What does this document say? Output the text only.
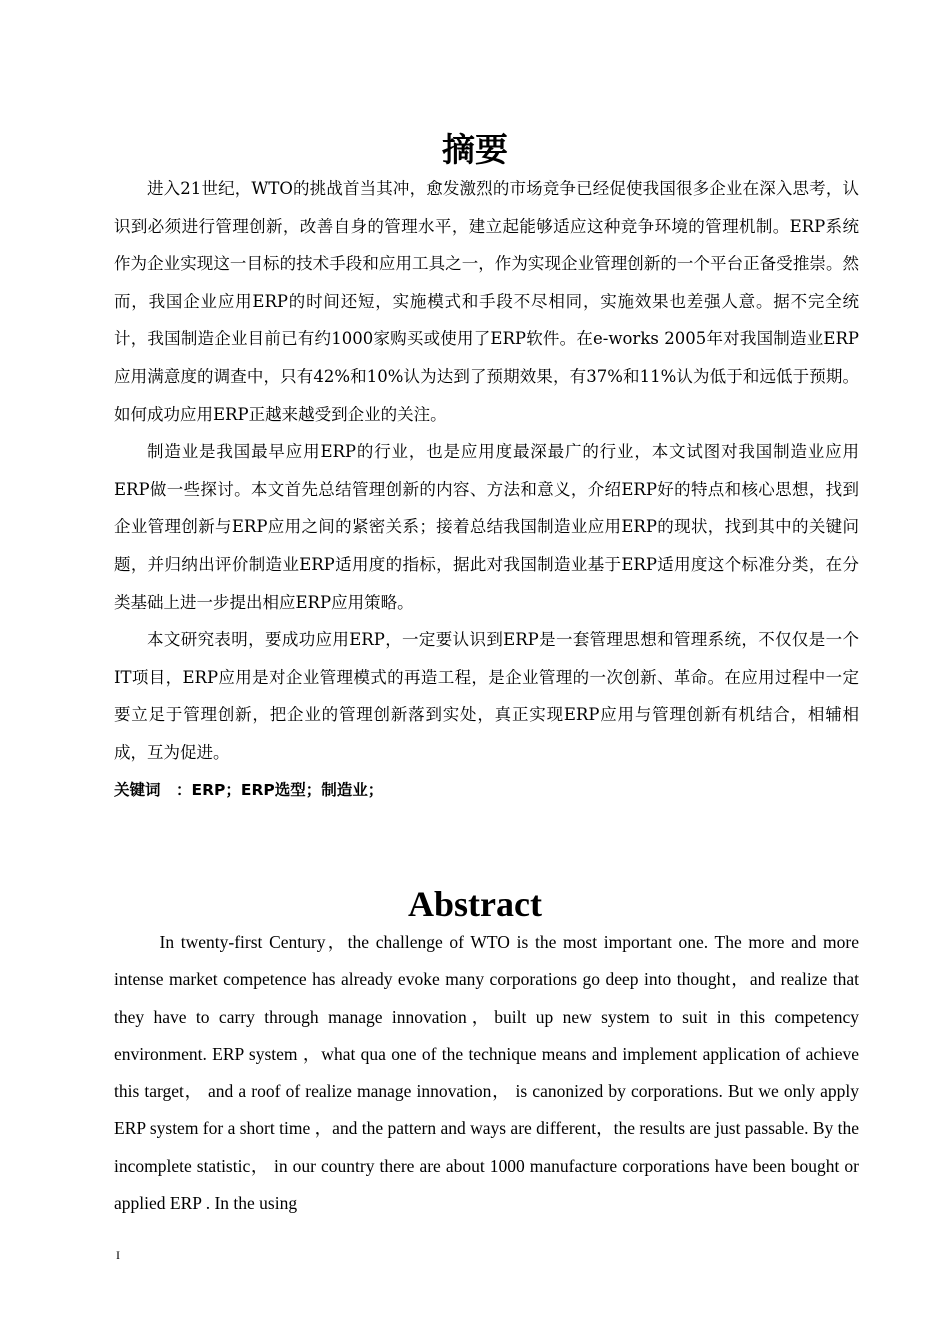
摘要

进入21世纪，WTO的挑战首当其冲，愈发激烈的市场竞争已经促使我国很多企业在深入思考，认识到必须进行管理创新，改善自身的管理水平，建立起能够适应这种竞争环境的管理机制。ERP系统作为企业实现这一目标的技术手段和应用工具之一，作为实现企业管理创新的一个平台正备受推崇。然而，我国企业应用ERP的时间还短，实施模式和手段不尽相同，实施效果也差强人意。据不完全统计，我国制造企业目前已有约1000家购买或使用了ERP软件。在e-works 2005年对我国制造业ERP应用满意度的调查中，只有42%和10%认为达到了预期效果，有37%和11%认为低于和远低于预期。如何成功应用ERP正越来越受到企业的关注。

制造业是我国最早应用ERP的行业，也是应用度最深最广的行业，本文试图对我国制造业应用ERP做一些探讨。本文首先总结管理创新的内容、方法和意义，介绍ERP好的特点和核心思想，找到企业管理创新与ERP应用之间的紧密关系；接着总结我国制造业应用ERP的现状，找到其中的关键问题，并归纳出评价制造业ERP适用度的指标，据此对我国制造业基于ERP适用度这个标准分类，在分类基础上进一步提出相应ERP应用策略。

本文研究表明，要成功应用ERP，一定要认识到ERP是一套管理思想和管理系统，不仅仅是一个IT项目，ERP应用是对企业管理模式的再造工程，是企业管理的一次创新、革命。在应用过程中一定要立足于管理创新，把企业的管理创新落到实处，真正实现ERP应用与管理创新有机结合，相辅相成，互为促进。

关键词　：ERP；ERP选型；制造业；

Abstract

In twenty-first Century，the challenge of WTO is the most important one. The more and more intense market competence has already evoke many corporations go deep into thought，and realize that they have to carry through manage innovation，built up new system to suit in this competency environment. ERP system ，what qua one of the technique means and implement application of achieve this target， and a roof of realize manage innovation， is canonized by corporations. But we only apply ERP system for a short time ，and the pattern and ways are different，the results are just passable. By the incomplete statistic， in our country there are about 1000 manufacture corporations have been bought or applied ERP . In the using

I
